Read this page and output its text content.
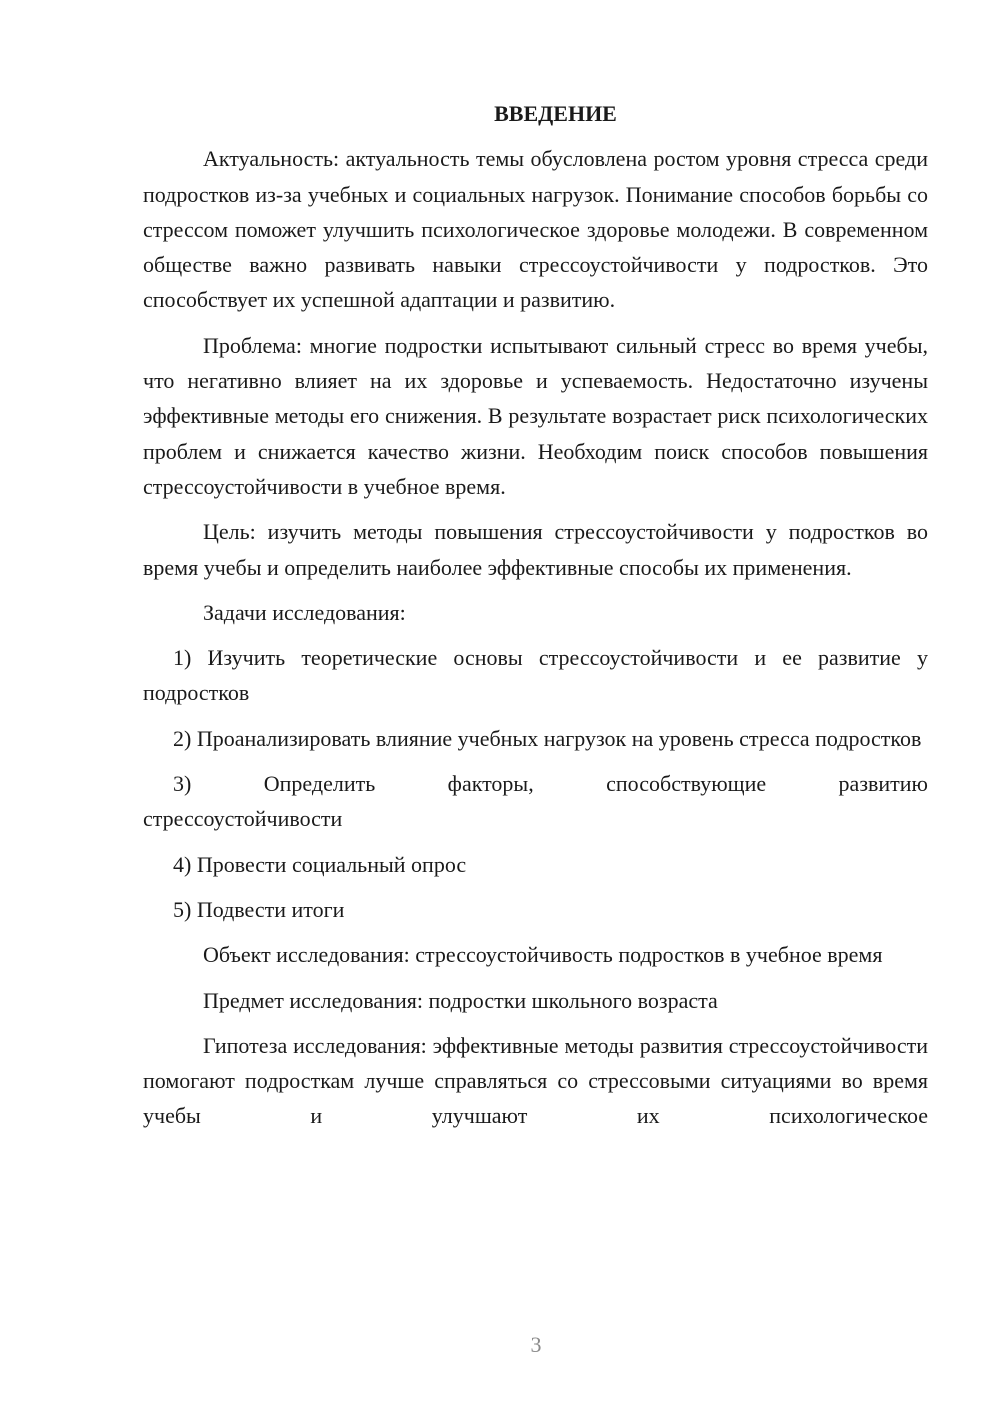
ВВЕДЕНИЕ

Актуальность: актуальность темы обусловлена ростом уровня стресса среди подростков из-за учебных и социальных нагрузок. Понимание способов борьбы со стрессом поможет улучшить психологическое здоровье молодежи. В современном обществе важно развивать навыки стрессоустойчивости у подростков. Это способствует их успешной адаптации и развитию.

Проблема: многие подростки испытывают сильный стресс во время учебы, что негативно влияет на их здоровье и успеваемость. Недостаточно изучены эффективные методы его снижения. В результате возрастает риск психологических проблем и снижается качество жизни. Необходим поиск способов повышения стрессоустойчивости в учебное время.

Цель: изучить методы повышения стрессоустойчивости у подростков во время учебы и определить наиболее эффективные способы их применения.

Задачи исследования:

1) Изучить теоретические основы стрессоустойчивости и ее развитие у подростков

2) Проанализировать влияние учебных нагрузок на уровень стресса подростков

3) Определить факторы, способствующие развитию
стрессоустойчивости

4) Провести социальный опрос

5) Подвести итоги

Объект исследования: стрессоустойчивость подростков в учебное время

Предмет исследования: подростки школьного возраста

Гипотеза исследования: эффективные методы развития стрессоустойчивости помогают подросткам лучше справляться со стрессовыми ситуациями во время учебы и улучшают их психологическое

3
